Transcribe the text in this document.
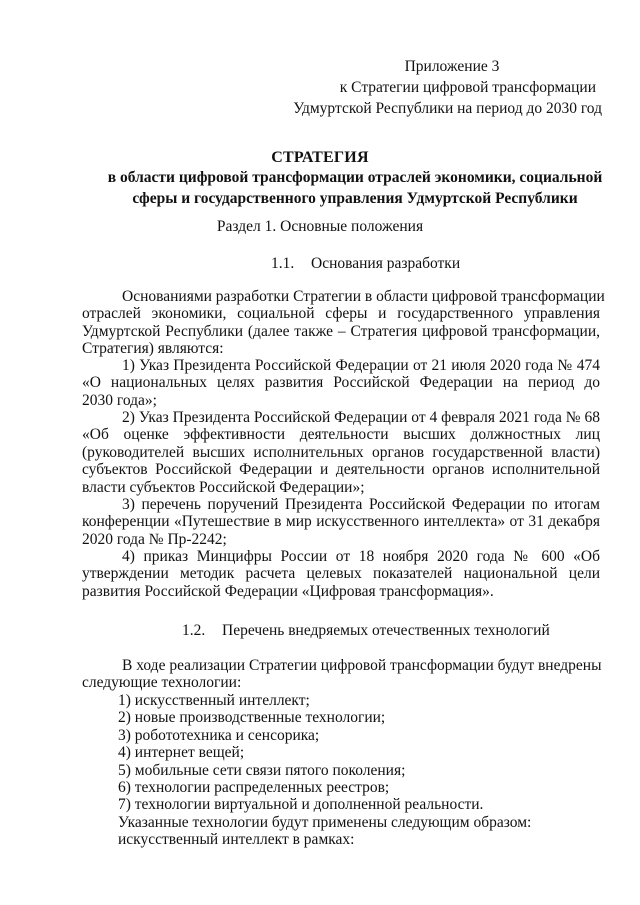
Приложение 3
к Стратегии цифровой трансформации
Удмуртской Республики на период до 2030 год
СТРАТЕГИЯ
в области цифровой трансформации отраслей экономики, социальной
сферы и государственного управления Удмуртской Республики
Раздел 1. Основные положения
1.1. Основания разработки
Основаниями разработки Стратегии в области цифровой трансформации
отраслей экономики, социальной сферы и государственного управления
Удмуртской Республики (далее также – Стратегия цифровой трансформации,
Стратегия) являются:
1) Указ Президента Российской Федерации от 21 июля 2020 года № 474
«О национальных целях развития Российской Федерации на период до
2030 года»;
2) Указ Президента Российской Федерации от 4 февраля 2021 года № 68
«Об оценке эффективности деятельности высших должностных лиц
(руководителей высших исполнительных органов государственной власти)
субъектов Российской Федерации и деятельности органов исполнительной
власти субъектов Российской Федерации»;
3) перечень поручений Президента Российской Федерации по итогам
конференции «Путешествие в мир искусственного интеллекта» от 31 декабря
2020 года № Пр-2242;
4) приказ Минцифры России от 18 ноября 2020 года № 600 «Об
утверждении методик расчета целевых показателей национальной цели
развития Российской Федерации «Цифровая трансформация».
1.2. Перечень внедряемых отечественных технологий
В ходе реализации Стратегии цифровой трансформации будут внедрены
следующие технологии:
1) искусственный интеллект;
2) новые производственные технологии;
3) робототехника и сенсорика;
4) интернет вещей;
5) мобильные сети связи пятого поколения;
6) технологии распределенных реестров;
7) технологии виртуальной и дополненной реальности.
Указанные технологии будут применены следующим образом:
искусственный интеллект в рамках:
